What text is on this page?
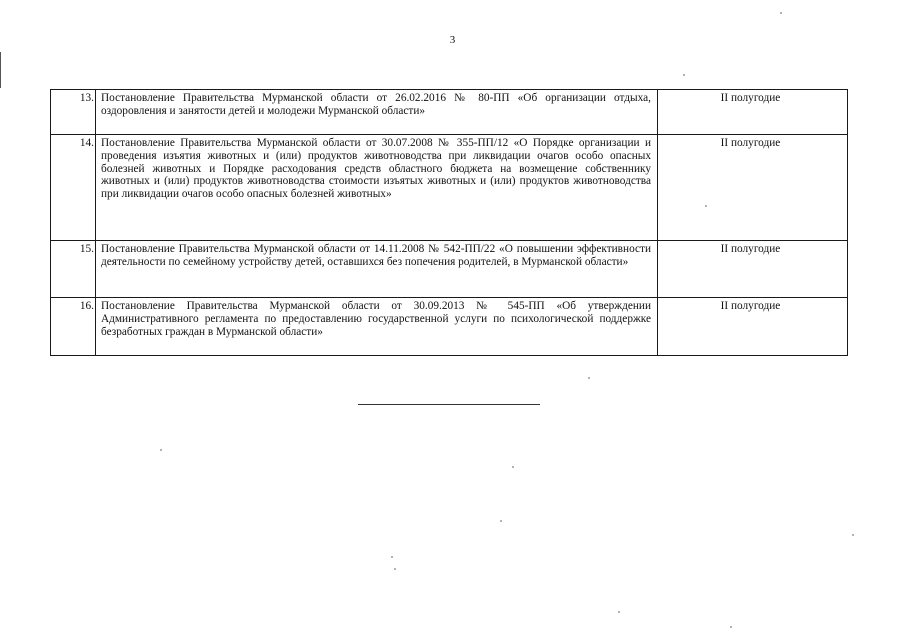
3
13.	Постановление Правительства Мурманской области от 26.02.2016 № 80-ПП «Об организации отдыха, оздоровления и занятости детей и молодежи Мурманской области»	II полугодие
14.	Постановление Правительства Мурманской области от 30.07.2008 № 355-ПП/12 «О Порядке организации и проведения изъятия животных и (или) продуктов животноводства при ликвидации очагов особо опасных болезней животных и Порядке расходования средств областного бюджета на возмещение собственнику животных и (или) продуктов животноводства стоимости изъятых животных и (или) продуктов животноводства при ликвидации очагов особо опасных болезней животных»	II полугодие
15.	Постановление Правительства Мурманской области от 14.11.2008 № 542-ПП/22 «О повышении эффективности деятельности по семейному устройству детей, оставшихся без попечения родителей, в Мурманской области»	II полугодие
16.	Постановление Правительства Мурманской области от 30.09.2013 № 545-ПП «Об утверждении Административного регламента по предоставлению государственной услуги по психологической поддержке безработных граждан в Мурманской области»	II полугодие
